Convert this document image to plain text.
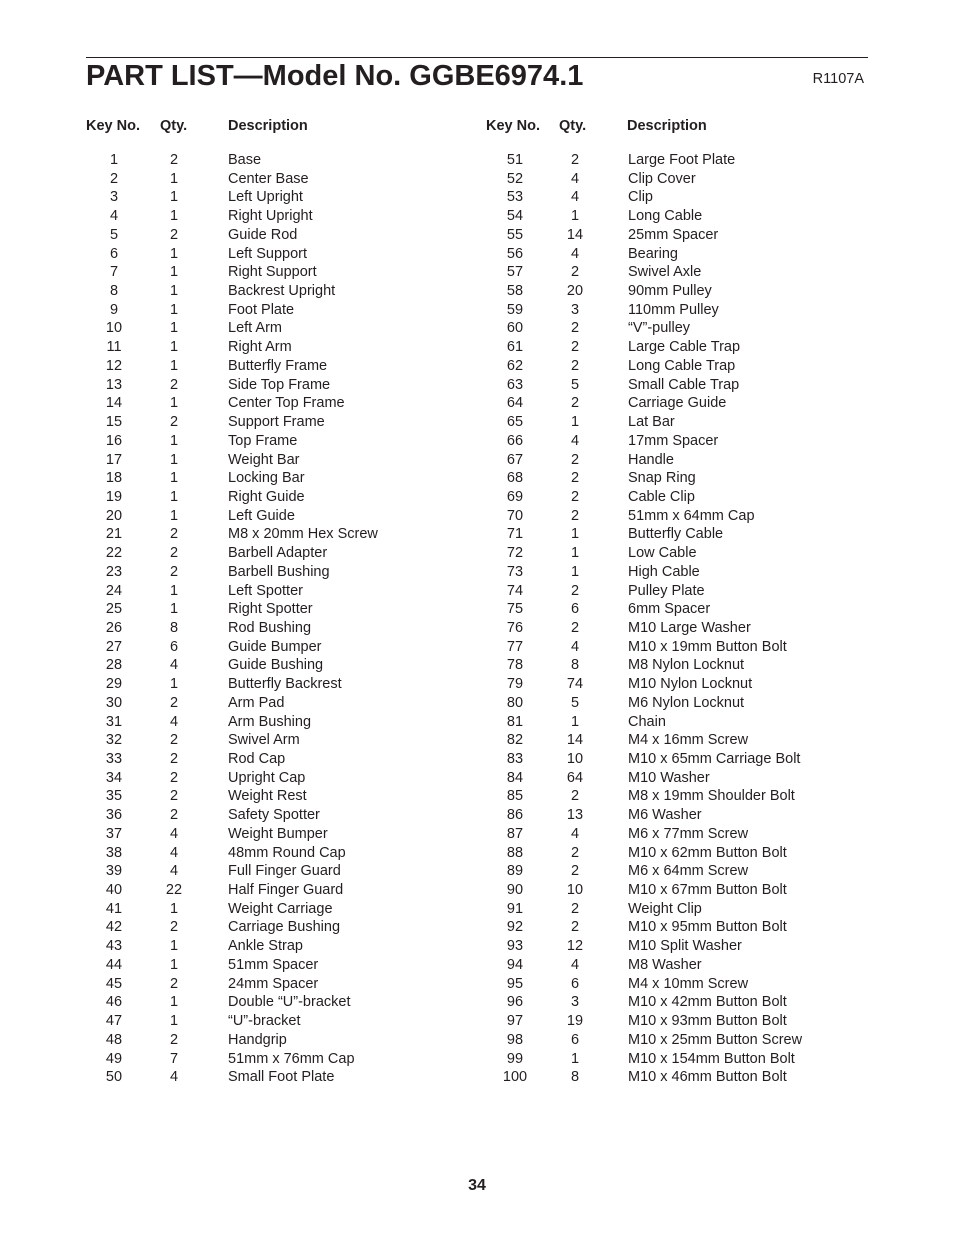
PART LIST—Model No. GGBE6974.1	R1107A
Key No. Qty.	Description	Key No. Qty.	Description
1	2	Base
2	1	Center Base
3	1	Left Upright
4	1	Right Upright
5	2	Guide Rod
6	1	Left Support
7	1	Right Support
8	1	Backrest Upright
9	1	Foot Plate
10	1	Left Arm
11	1	Right Arm
12	1	Butterfly Frame
13	2	Side Top Frame
14	1	Center Top Frame
15	2	Support Frame
16	1	Top Frame
17	1	Weight Bar
18	1	Locking Bar
19	1	Right Guide
20	1	Left Guide
21	2	M8 x 20mm Hex Screw
22	2	Barbell Adapter
23	2	Barbell Bushing
24	1	Left Spotter
25	1	Right Spotter
26	8	Rod Bushing
27	6	Guide Bumper
28	4	Guide Bushing
29	1	Butterfly Backrest
30	2	Arm Pad
31	4	Arm Bushing
32	2	Swivel Arm
33	2	Rod Cap
34	2	Upright Cap
35	2	Weight Rest
36	2	Safety Spotter
37	4	Weight Bumper
38	4	48mm Round Cap
39	4	Full Finger Guard
40	22	Half Finger Guard
41	1	Weight Carriage
42	2	Carriage Bushing
43	1	Ankle Strap
44	1	51mm Spacer
45	2	24mm Spacer
46	1	Double “U”-bracket
47	1	“U”-bracket
48	2	Handgrip
49	7	51mm x 76mm Cap
50	4	Small Foot Plate
51	2	Large Foot Plate
52	4	Clip Cover
53	4	Clip
54	1	Long Cable
55	14	25mm Spacer
56	4	Bearing
57	2	Swivel Axle
58	20	90mm Pulley
59	3	110mm Pulley
60	2	“V”-pulley
61	2	Large Cable Trap
62	2	Long Cable Trap
63	5	Small Cable Trap
64	2	Carriage Guide
65	1	Lat Bar
66	4	17mm Spacer
67	2	Handle
68	2	Snap Ring
69	2	Cable Clip
70	2	51mm x 64mm Cap
71	1	Butterfly Cable
72	1	Low Cable
73	1	High Cable
74	2	Pulley Plate
75	6	6mm Spacer
76	2	M10 Large Washer
77	4	M10 x 19mm Button Bolt
78	8	M8 Nylon Locknut
79	74	M10 Nylon Locknut
80	5	M6 Nylon Locknut
81	1	Chain
82	14	M4 x 16mm Screw
83	10	M10 x 65mm Carriage Bolt
84	64	M10 Washer
85	2	M8 x 19mm Shoulder Bolt
86	13	M6 Washer
87	4	M6 x 77mm Screw
88	2	M10 x 62mm Button Bolt
89	2	M6 x 64mm Screw
90	10	M10 x 67mm Button Bolt
91	2	Weight Clip
92	2	M10 x 95mm Button Bolt
93	12	M10 Split Washer
94	4	M8 Washer
95	6	M4 x 10mm Screw
96	3	M10 x 42mm Button Bolt
97	19	M10 x 93mm Button Bolt
98	6	M10 x 25mm Button Screw
99	1	M10 x 154mm Button Bolt
100	8	M10 x 46mm Button Bolt
34
